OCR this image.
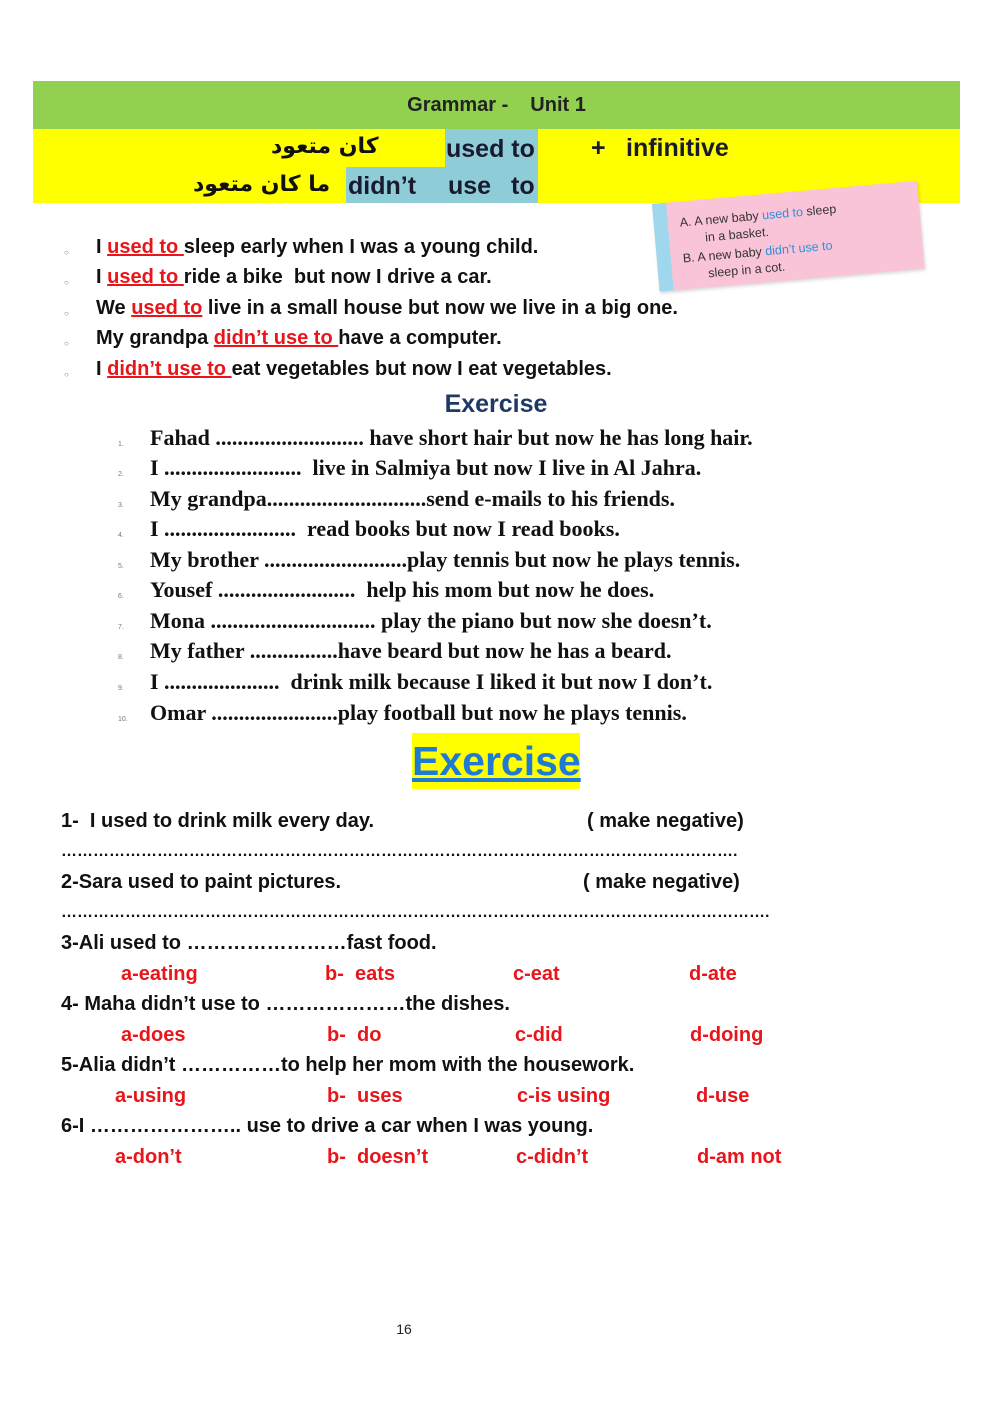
Grammar - Unit 1
كان متعود	used to + infinitive
ما كان متعود didn’t use to
A. A new baby used to sleep
in a basket.
B. A new baby didn’t use to
sleep in a cot.
○ I used to sleep early when I was a young child.
○ I used to ride a bike  but now I drive a car.
○ We used to live in a small house but now we live in a big one.
○ My grandpa didn’t use to have a computer.
○ I didn’t use to eat vegetables but now I eat vegetables.
Exercise
1. Fahad ........................... have short hair but now he has long hair.
2. I .........................  live in Salmiya but now I live in Al Jahra.
3. My grandpa.............................send e-mails to his friends.
4. I ........................  read books but now I read books.
5. My brother ..........................play tennis but now he plays tennis.
6. Yousef .........................  help his mom but now he does.
7. Mona .............................. play the piano but now she doesn’t.
8. My father ................have beard but now he has a beard.
9. I .....................  drink milk because I liked it but now I don’t.
10. Omar .......................play football but now he plays tennis.
Exercise
1-  I used to drink milk every day.	( make negative)
……………………………………………………………………………………………………………….
2-Sara used to paint pictures.	( make negative)
…………………………………………………………………………………………………………………….
3-Ali used to ……………………fast food.
a-eating	b-  eats	c-eat	d-ate
4- Maha didn’t use to …………………the dishes.
a-does	b-  do	c-did	d-doing
5-Alia didn’t ……………to help her mom with the housework.
a-using	b-  uses	c-is using	d-use
6-I ………………….. use to drive a car when I was young.
a-don’t	b-  doesn’t	c-didn’t	d-am not
16
